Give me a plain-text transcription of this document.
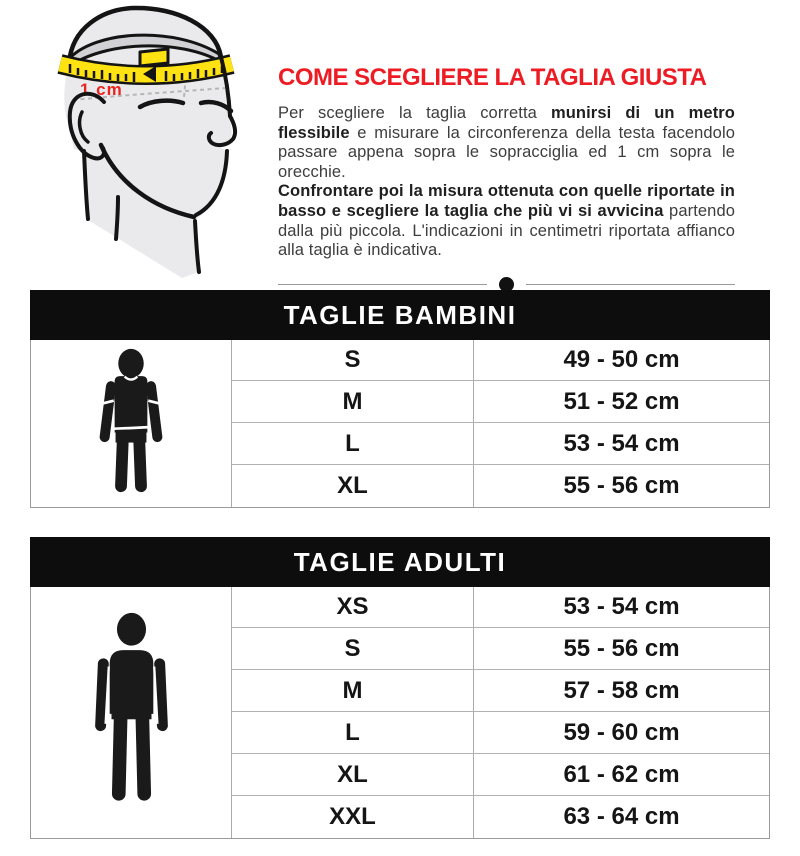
1 cm	COME SCEGLIERE LA TAGLIA GIUSTA

Per scegliere la taglia corretta munirsi di un metro flessibile e misurare la circonferenza della testa facendolo passare appena sopra le sopracciglia ed 1 cm sopra le orecchie.

Confrontare poi la misura ottenuta con quelle riportate in basso e scegliere la taglia che più vi si avvicina partendo dalla più piccola. L'indicazioni in centimetri riportata affianco alla taglia è indicativa.

TAGLIE BAMBINI
S	49 - 50 cm
M	51 - 52 cm
L	53 - 54 cm
XL	55 - 56 cm
TAGLIE ADULTI
XS	53 - 54 cm
S	55 - 56 cm
M	57 - 58 cm
L	59 - 60 cm
XL	61 - 62 cm
XXL	63 - 64 cm
